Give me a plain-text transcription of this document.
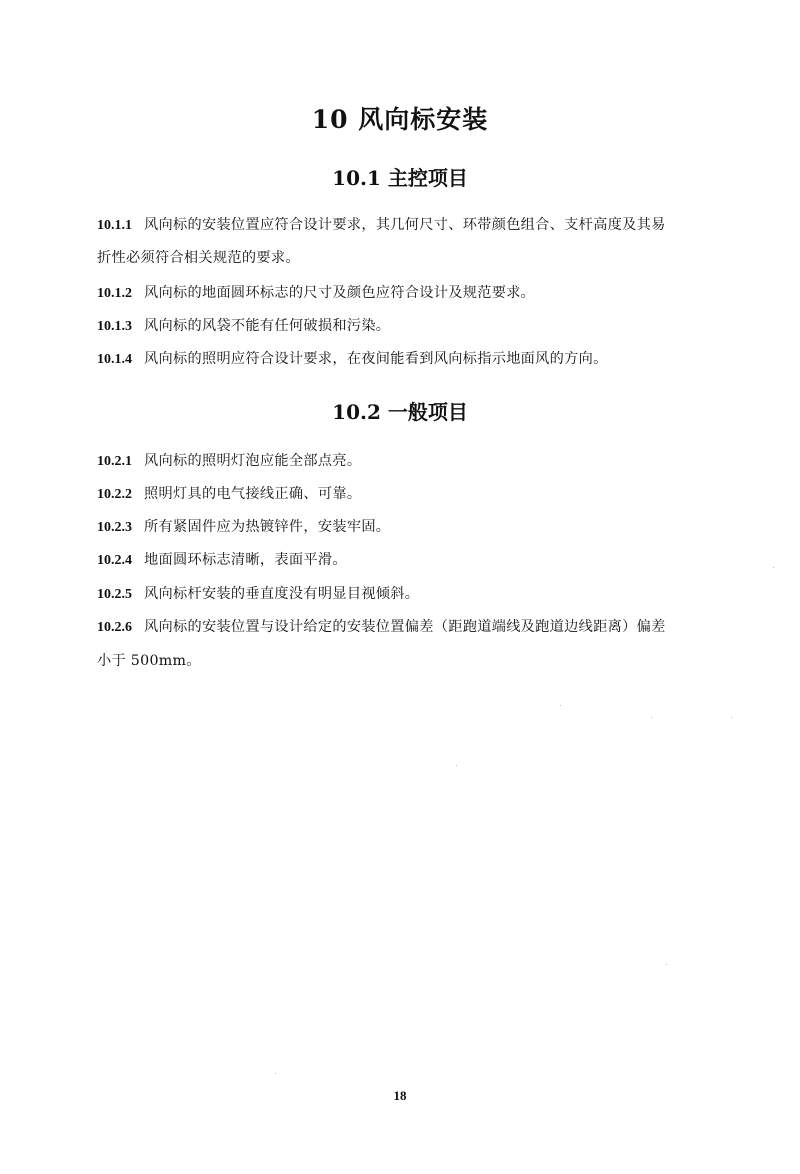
10 风向标安装
10.1 主控项目
10.1.1 风向标的安装位置应符合设计要求，其几何尺寸、环带颜色组合、支杆高度及其易
折性必须符合相关规范的要求。
10.1.2 风向标的地面圆环标志的尺寸及颜色应符合设计及规范要求。
10.1.3 风向标的风袋不能有任何破损和污染。
10.1.4 风向标的照明应符合设计要求，在夜间能看到风向标指示地面风的方向。
10.2 一般项目
10.2.1 风向标的照明灯泡应能全部点亮。
10.2.2 照明灯具的电气接线正确、可靠。
10.2.3 所有紧固件应为热镀锌件，安装牢固。
10.2.4 地面圆环标志清晰，表面平滑。
10.2.5 风向标杆安装的垂直度没有明显目视倾斜。
10.2.6 风向标的安装位置与设计给定的安装位置偏差（距跑道端线及跑道边线距离）偏差
小于 500mm。
18
